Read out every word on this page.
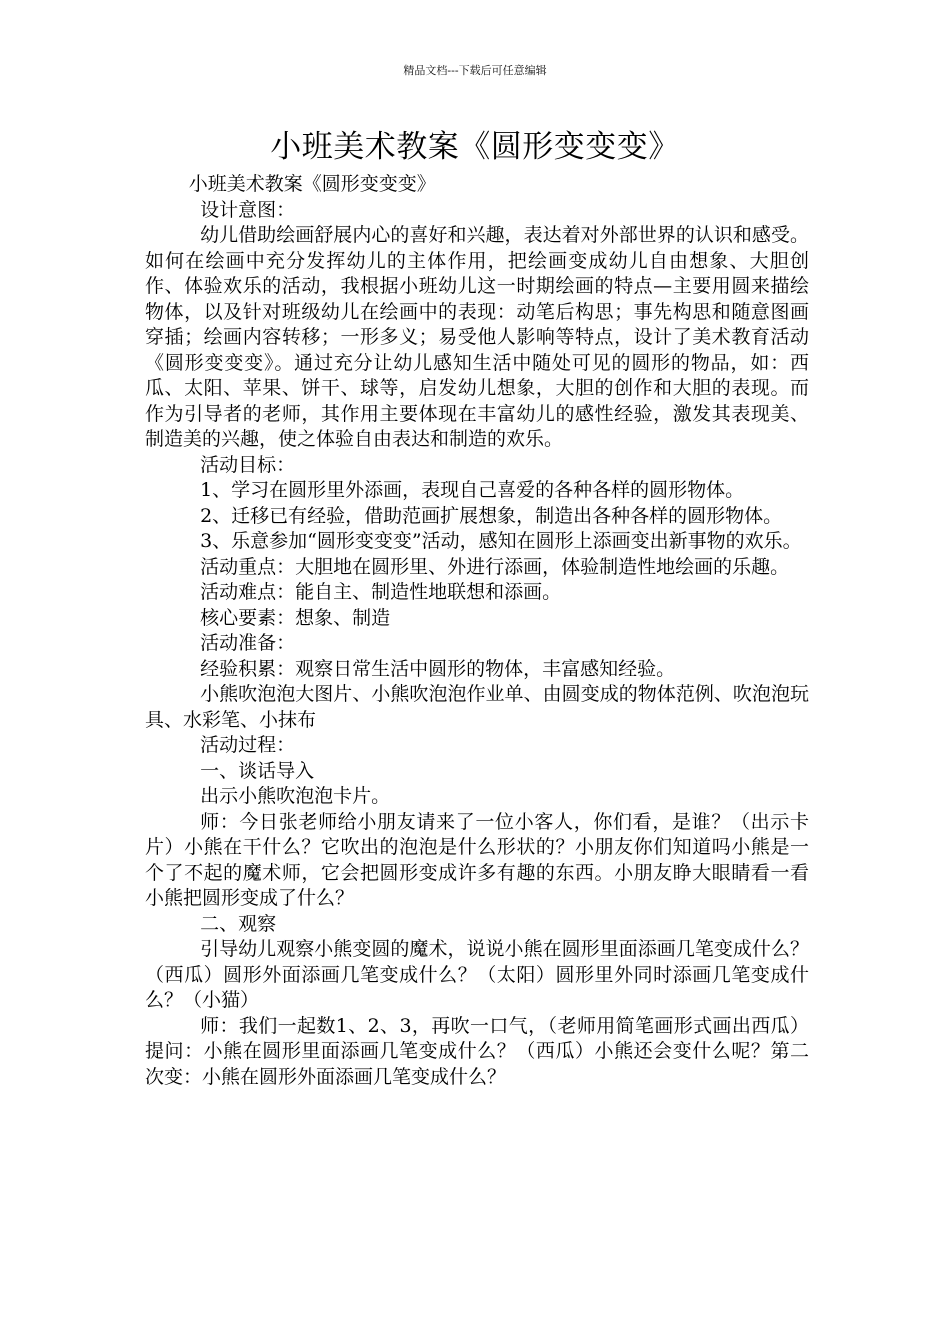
精品文档---下载后可任意编辑
小班美术教案《圆形变变变》

小班美术教案《圆形变变变》

设计意图：

幼儿借助绘画舒展内心的喜好和兴趣，表达着对外部世界的认识和感受。如何在绘画中充分发挥幼儿的主体作用，把绘画变成幼儿自由想象、大胆创作、体验欢乐的活动，我根据小班幼儿这一时期绘画的特点—主要用圆来描绘物体，以及针对班级幼儿在绘画中的表现：动笔后构思；事先构思和随意图画穿插；绘画内容转移；一形多义；易受他人影响等特点，设计了美术教育活动《圆形变变变》。通过充分让幼儿感知生活中随处可见的圆形的物品，如：西瓜、太阳、苹果、饼干、球等，启发幼儿想象，大胆的创作和大胆的表现。而作为引导者的老师，其作用主要体现在丰富幼儿的感性经验，激发其表现美、制造美的兴趣，使之体验自由表达和制造的欢乐。

活动目标：

1、学习在圆形里外添画，表现自己喜爱的各种各样的圆形物体。

2、迁移已有经验，借助范画扩展想象，制造出各种各样的圆形物体。

3、乐意参加“圆形变变变”活动，感知在圆形上添画变出新事物的欢乐。

活动重点：大胆地在圆形里、外进行添画，体验制造性地绘画的乐趣。

活动难点：能自主、制造性地联想和添画。

核心要素：想象、制造

活动准备：

经验积累：观察日常生活中圆形的物体，丰富感知经验。

小熊吹泡泡大图片、小熊吹泡泡作业单、由圆变成的物体范例、吹泡泡玩具、水彩笔、小抹布

活动过程：

一、谈话导入

出示小熊吹泡泡卡片。

师：今日张老师给小朋友请来了一位小客人，你们看，是谁？（出示卡片）小熊在干什么？它吹出的泡泡是什么形状的？小朋友你们知道吗小熊是一个了不起的魔术师，它会把圆形变成许多有趣的东西。小朋友睁大眼睛看一看小熊把圆形变成了什么？

二、观察

引导幼儿观察小熊变圆的魔术，说说小熊在圆形里面添画几笔变成什么？（西瓜）圆形外面添画几笔变成什么？（太阳）圆形里外同时添画几笔变成什么？（小猫）

师：我们一起数1、2、3，再吹一口气，（老师用简笔画形式画出西瓜）提问：小熊在圆形里面添画几笔变成什么？（西瓜）小熊还会变什么呢？第二次变：小熊在圆形外面添画几笔变成什么？
